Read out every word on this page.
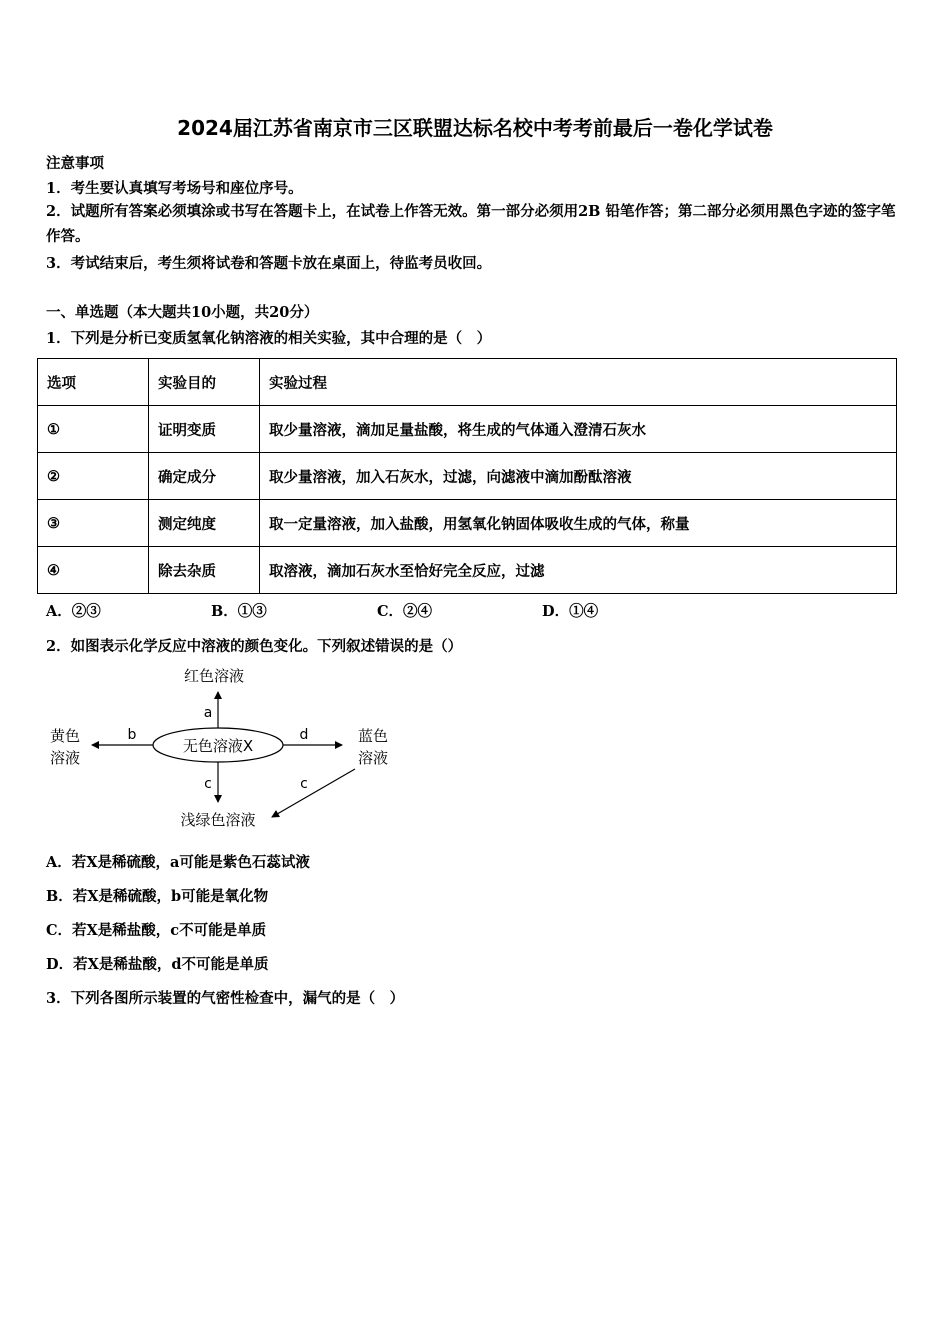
2024届江苏省南京市三区联盟达标名校中考考前最后一卷化学试卷
注意事项
1．考生要认真填写考场号和座位序号。
2．试题所有答案必须填涂或书写在答题卡上，在试卷上作答无效。第一部分必须用2B 铅笔作答；第二部分必须用黑色字迹的签字笔作答。
3．考试结束后，考生须将试卷和答题卡放在桌面上，待监考员收回。
一、单选题（本大题共10小题，共20分）
1．下列是分析已变质氢氧化钠溶液的相关实验，其中合理的是（　）
选项	实验目的	实验过程
①	证明变质	取少量溶液，滴加足量盐酸，将生成的气体通入澄清石灰水
②	确定成分	取少量溶液，加入石灰水，过滤，向滤液中滴加酚酞溶液
③	测定纯度	取一定量溶液，加入盐酸，用氢氧化钠固体吸收生成的气体，称量
④	除去杂质	取溶液，滴加石灰水至恰好完全反应，过滤
A．②③	B．①③	C．②④	D．①④
2．如图表示化学反应中溶液的颜色变化。下列叙述错误的是（）
无色溶液X
a
红色溶液
b
黄色
溶液
d	蓝色
溶液
c	c
浅绿色溶液
A．若X是稀硫酸，a可能是紫色石蕊试液
B．若X是稀硫酸，b可能是氧化物
C．若X是稀盐酸，c不可能是单质
D．若X是稀盐酸，d不可能是单质
3．下列各图所示装置的气密性检查中，漏气的是（　）
